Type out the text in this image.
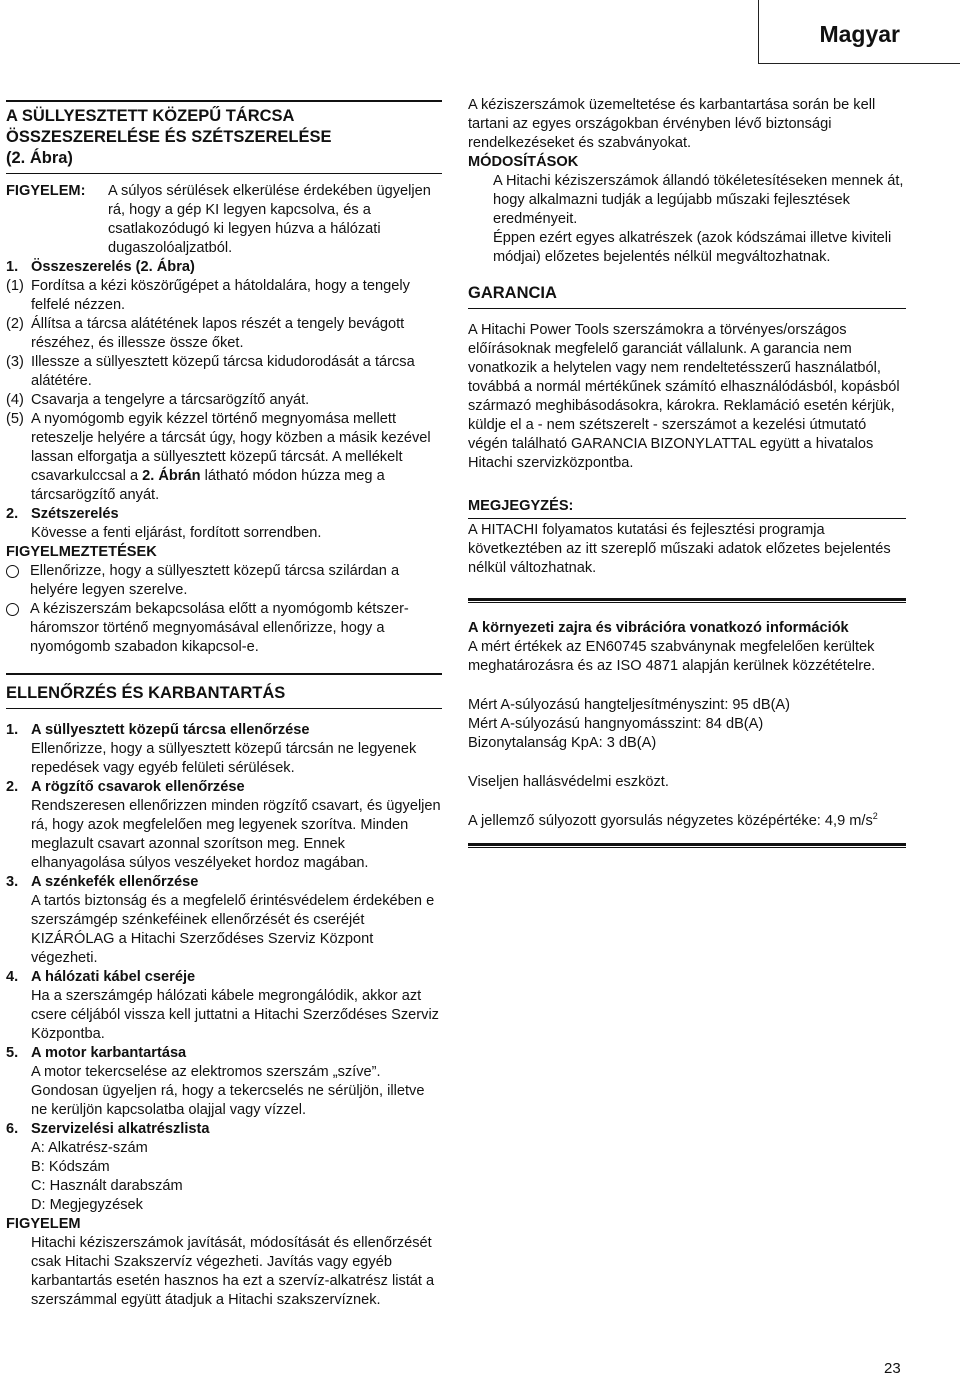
Magyar

A SÜLLYESZTETT KÖZEPŰ TÁRCSA

ÖSSZESZERELÉSE ÉS SZÉTSZERELÉSE

(2. Ábra)

FIGYELEM:	A súlyos sérülések elkerülése érdekében ügyeljen rá, hogy a gép KI legyen kapcsolva, és a csatlakozódugó ki legyen húzva a hálózati dugaszolóaljzatból.
1. Összeszerelés (2. Ábra)
(1) Fordítsa a kézi köszörűgépet a hátoldalára, hogy a tengely felfelé nézzen.
(2) Állítsa a tárcsa alátétének lapos részét a tengely bevágott részéhez, és illessze össze őket.
(3) Illessze a süllyesztett közepű tárcsa kidudorodását a tárcsa alátétére.
(4) Csavarja a tengelyre a tárcsarögzítő anyát.
(5) A nyomógomb egyik kézzel történő megnyomása mellett reteszelje helyére a tárcsát úgy, hogy közben a másik kezével lassan elforgatja a süllyesztett közepű tárcsát. A mellékelt csavarkulccsal a 2. Ábrán látható módon húzza meg a tárcsarögzítő anyát.
2. Szétszerelés

Kövesse a fenti eljárást, fordított sorrendben.

FIGYELMEZTETÉSEK

Ellenőrizze, hogy a süllyesztett közepű tárcsa szilárdan a helyére legyen szerelve.
A kéziszerszám bekapcsolása előtt a nyomógomb kétszer-háromszor történő megnyomásával ellenőrizze, hogy a nyomógomb szabadon kikapcsol-e.

ELLENŐRZÉS ÉS KARBANTARTÁS

1. A süllyesztett közepű tárcsa ellenőrzése

Ellenőrizze, hogy a süllyesztett közepű tárcsán ne legyenek repedések vagy egyéb felületi sérülések.

2. A rögzítő csavarok ellenőrzése

Rendszeresen ellenőrizzen minden rögzítő csavart, és ügyeljen rá, hogy azok megfelelően meg legyenek szorítva. Minden meglazult csavart azonnal szorítson meg. Ennek elhanyagolása súlyos veszélyeket hordoz magában.

3. A szénkefék ellenőrzése

A tartós biztonság és a megfelelő érintésvédelem érdekében e szerszámgép szénkeféinek ellenőrzését és cseréjét KIZÁRÓLAG a Hitachi Szerződéses Szerviz Központ végezheti.

4. A hálózati kábel cseréje

Ha a szerszámgép hálózati kábele megrongálódik, akkor azt csere céljából vissza kell juttatni a Hitachi Szerződéses Szerviz Központba.

5. A motor karbantartása

A motor tekercselése az elektromos szerszám „szíve”. Gondosan ügyeljen rá, hogy a tekercselés ne sérüljön, illetve ne kerüljön kapcsolatba olajjal vagy vízzel.

6. Szervizelési alkatrészlista

A: Alkatrész-szám

B: Kódszám

C: Használt darabszám

D: Megjegyzések

FIGYELEM

Hitachi kéziszerszámok javítását, módosítását és ellenőrzését csak Hitachi Szakszervíz végezheti. Javítás vagy egyéb karbantartás esetén hasznos ha ezt a szervíz-alkatrész listát a szerszámmal együtt átadjuk a Hitachi szakszervíznek.

A kéziszerszámok üzemeltetése és karbantartása során be kell tartani az egyes országokban érvényben lévő biztonsági rendelkezéseket és szabványokat.

MÓDOSÍTÁSOK

A Hitachi kéziszerszámok állandó tökéletesítéseken mennek át, hogy alkalmazni tudják a legújabb műszaki fejlesztések eredményeit.

Éppen ezért egyes alkatrészek (azok kódszámai illetve kiviteli módjai) előzetes bejelentés nélkül megváltozhatnak.

GARANCIA

A Hitachi Power Tools szerszámokra a törvényes/országos előírásoknak megfelelő garanciát vállalunk. A garancia nem vonatkozik a helytelen vagy nem rendeltetésszerű használatból, továbbá a normál mértékűnek számító elhasználódásból, kopásból származó meghibásodásokra, károkra. Reklamáció esetén kérjük, küldje el a - nem szétszerelt - szerszámot a kezelési útmutató végén található GARANCIA BIZONYLATTAL együtt a hivatalos Hitachi szervizközpontba.

MEGJEGYZÉS:

A HITACHI folyamatos kutatási és fejlesztési programja következtében az itt szereplő műszaki adatok előzetes bejelentés nélkül változhatnak.

A környezeti zajra és vibrációra vonatkozó információk

A mért értékek az EN60745 szabványnak megfelelően kerültek meghatározásra és az ISO 4871 alapján kerülnek közzétételre.

Mért A-súlyozású hangteljesítményszint: 95 dB(A)

Mért A-súlyozású hangnyomásszint: 84 dB(A)

Bizonytalanság KpA: 3 dB(A)

Viseljen hallásvédelmi eszközt.

A jellemző súlyozott gyorsulás négyzetes középértéke: 4,9 $m/s^2$

23
